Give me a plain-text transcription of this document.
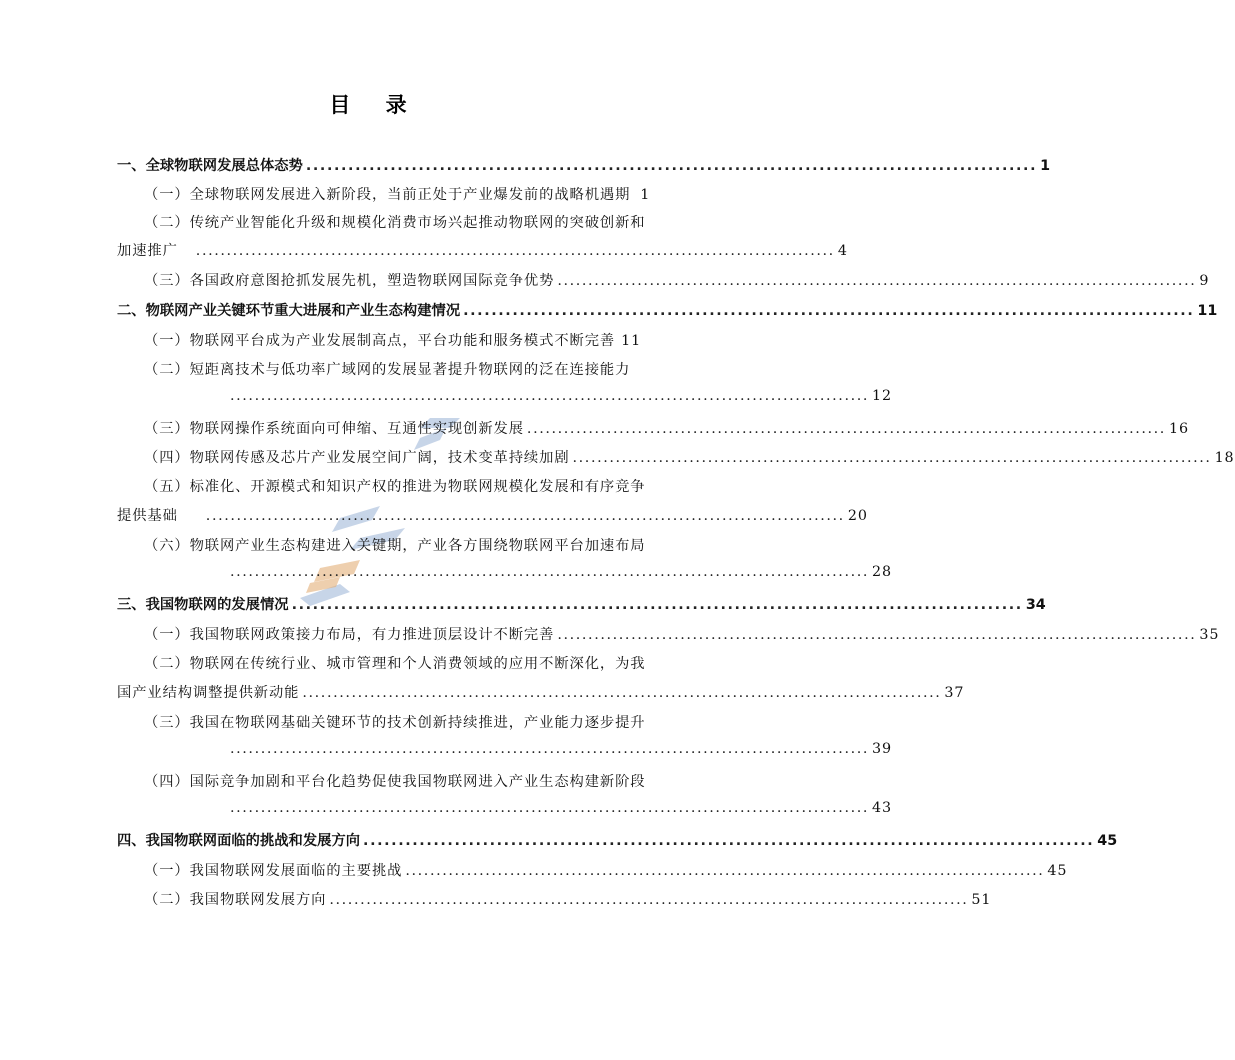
目 录
一、全球物联网发展总体态势 ........................................................................................................ 1
（一）全球物联网发展进入新阶段，当前正处于产业爆发前的战略机遇期 1
（二）传统产业智能化升级和规模化消费市场兴起推动物联网的突破创新和
加速推广 ........................................................................................................ 4
（三）各国政府意图抢抓发展先机，塑造物联网国际竞争优势 ........................................................................................................ 9
二、物联网产业关键环节重大进展和产业生态构建情况 ........................................................................................................ 11
（一）物联网平台成为产业发展制高点，平台功能和服务模式不断完善 11
（二）短距离技术与低功率广域网的发展显著提升物联网的泛在连接能力
........................................................................................................ 12
（三）物联网操作系统面向可伸缩、互通性实现创新发展 ........................................................................................................ 16
（四）物联网传感及芯片产业发展空间广阔，技术变革持续加剧 ........................................................................................................ 18
（五）标准化、开源模式和知识产权的推进为物联网规模化发展和有序竞争
提供基础 ........................................................................................................ 20
（六）物联网产业生态构建进入关键期，产业各方围绕物联网平台加速布局
........................................................................................................ 28
三、我国物联网的发展情况 ........................................................................................................ 34
（一）我国物联网政策接力布局，有力推进顶层设计不断完善 ........................................................................................................ 35
（二）物联网在传统行业、城市管理和个人消费领域的应用不断深化，为我
国产业结构调整提供新动能 ........................................................................................................ 37
（三）我国在物联网基础关键环节的技术创新持续推进，产业能力逐步提升
........................................................................................................ 39
（四）国际竞争加剧和平台化趋势促使我国物联网进入产业生态构建新阶段
........................................................................................................ 43
四、我国物联网面临的挑战和发展方向 ........................................................................................................ 45
（一）我国物联网发展面临的主要挑战 ........................................................................................................ 45
（二）我国物联网发展方向 ........................................................................................................ 51
